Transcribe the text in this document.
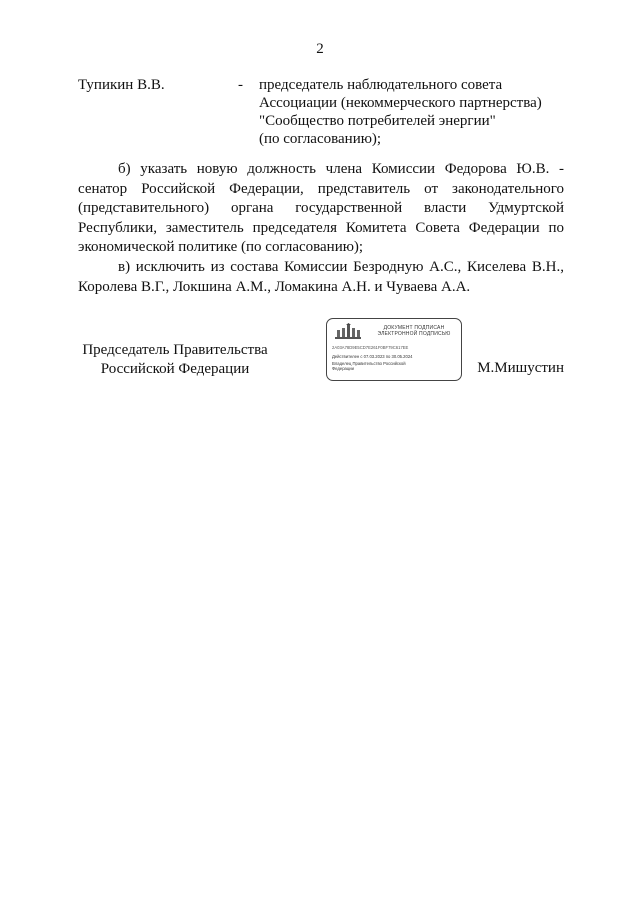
2
Тупикин В.В.	- председатель наблюдательного совета
Ассоциации (некоммерческого партнерства)
"Сообщество потребителей энергии"
(по согласованию);
б) указать новую должность члена Комиссии Федорова Ю.В. - сенатор Российской Федерации, представитель от законодательного (представительного) органа государственной власти Удмуртской Республики, заместитель председателя Комитета Совета Федерации по экономической политике (по согласованию);
в) исключить из состава Комиссии Безродную А.С., Киселева В.Н., Королева В.Г., Локшина А.М., Ломакина А.Н. и Чуваева А.А.
Председатель Правительства
Российской Федерации
ДОКУМЕНТ ПОДПИСАН
ЭЛЕКТРОННОЙ ПОДПИСЬЮ
2A03A78D9E5CD7E261F0BF79C617EE
Действителен с 07.03.2023 по 30.05.2024
Владелец Правительство Российской
Федерации	М.Мишустин
